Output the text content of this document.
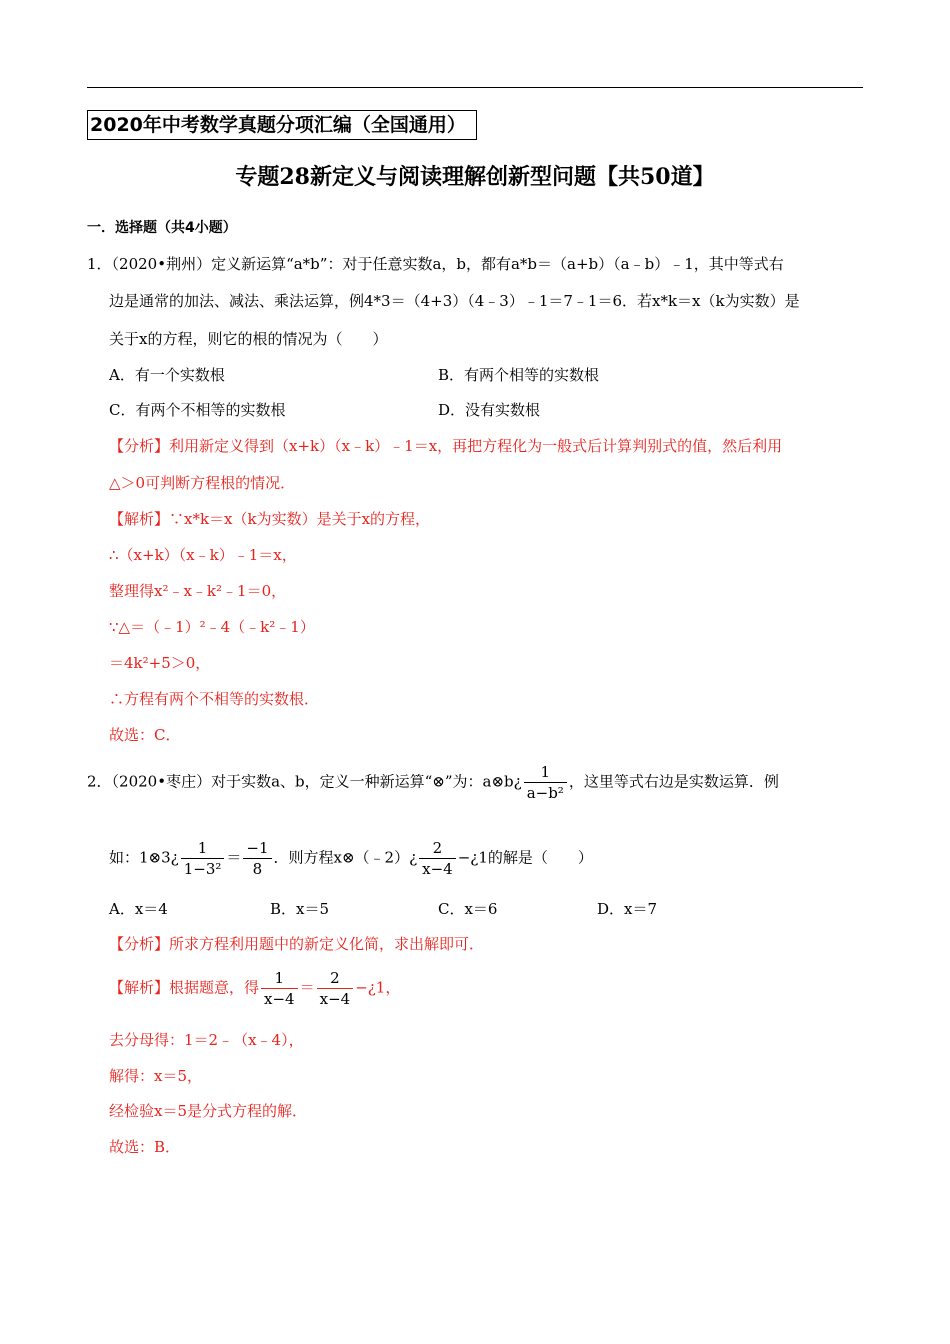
2020年中考数学真题分项汇编（全国通用）
专题28新定义与阅读理解创新型问题【共50道】
一．选择题（共4小题）
1．（2020•荆州）定义新运算“a*b”：对于任意实数a，b，都有a*b＝（a+b）（a﹣b）﹣1，其中等式右
边是通常的加法、减法、乘法运算，例4*3＝（4+3）（4﹣3）﹣1＝7﹣1＝6．若x*k＝x（k为实数）是
关于x的方程，则它的根的情况为（　　）
A．有一个实数根	B．有两个相等的实数根
C．有两个不相等的实数根	D．没有实数根
【分析】利用新定义得到（x+k）（x﹣k）﹣1＝x，再把方程化为一般式后计算判别式的值，然后利用
△＞0可判断方程根的情况．
【解析】∵x*k＝x（k为实数）是关于x的方程，
∴（x+k）（x﹣k）﹣1＝x，
整理得x²﹣x﹣k²﹣1＝0，
∵△＝（﹣1）²﹣4（﹣k²﹣1）
＝4k²+5＞0，
∴方程有两个不相等的实数根．
故选：C．
2．（2020•枣庄）对于实数a、b，定义一种新运算“⊗”为：a⊗b¿ $\frac{1}{\text{a−b²}}$ ，这里等式右边是实数运算．例
如：1⊗3¿ $\frac{1}{\text{1−3²}} = \frac{-1}{8}$ ．则方程x⊗（﹣2）¿ $\frac{2}{x-4}$ −¿1的解是（　　）
A．x＝4	B．x＝5	C．x＝6	D．x＝7
【分析】所求方程利用题中的新定义化简，求出解即可．
【解析】根据题意，得 $\frac{1}{x-4} = \frac{2}{x-4}$ −¿1，
去分母得：1＝2﹣（x﹣4），
解得：x＝5，
经检验x＝5是分式方程的解．
故选：B．
